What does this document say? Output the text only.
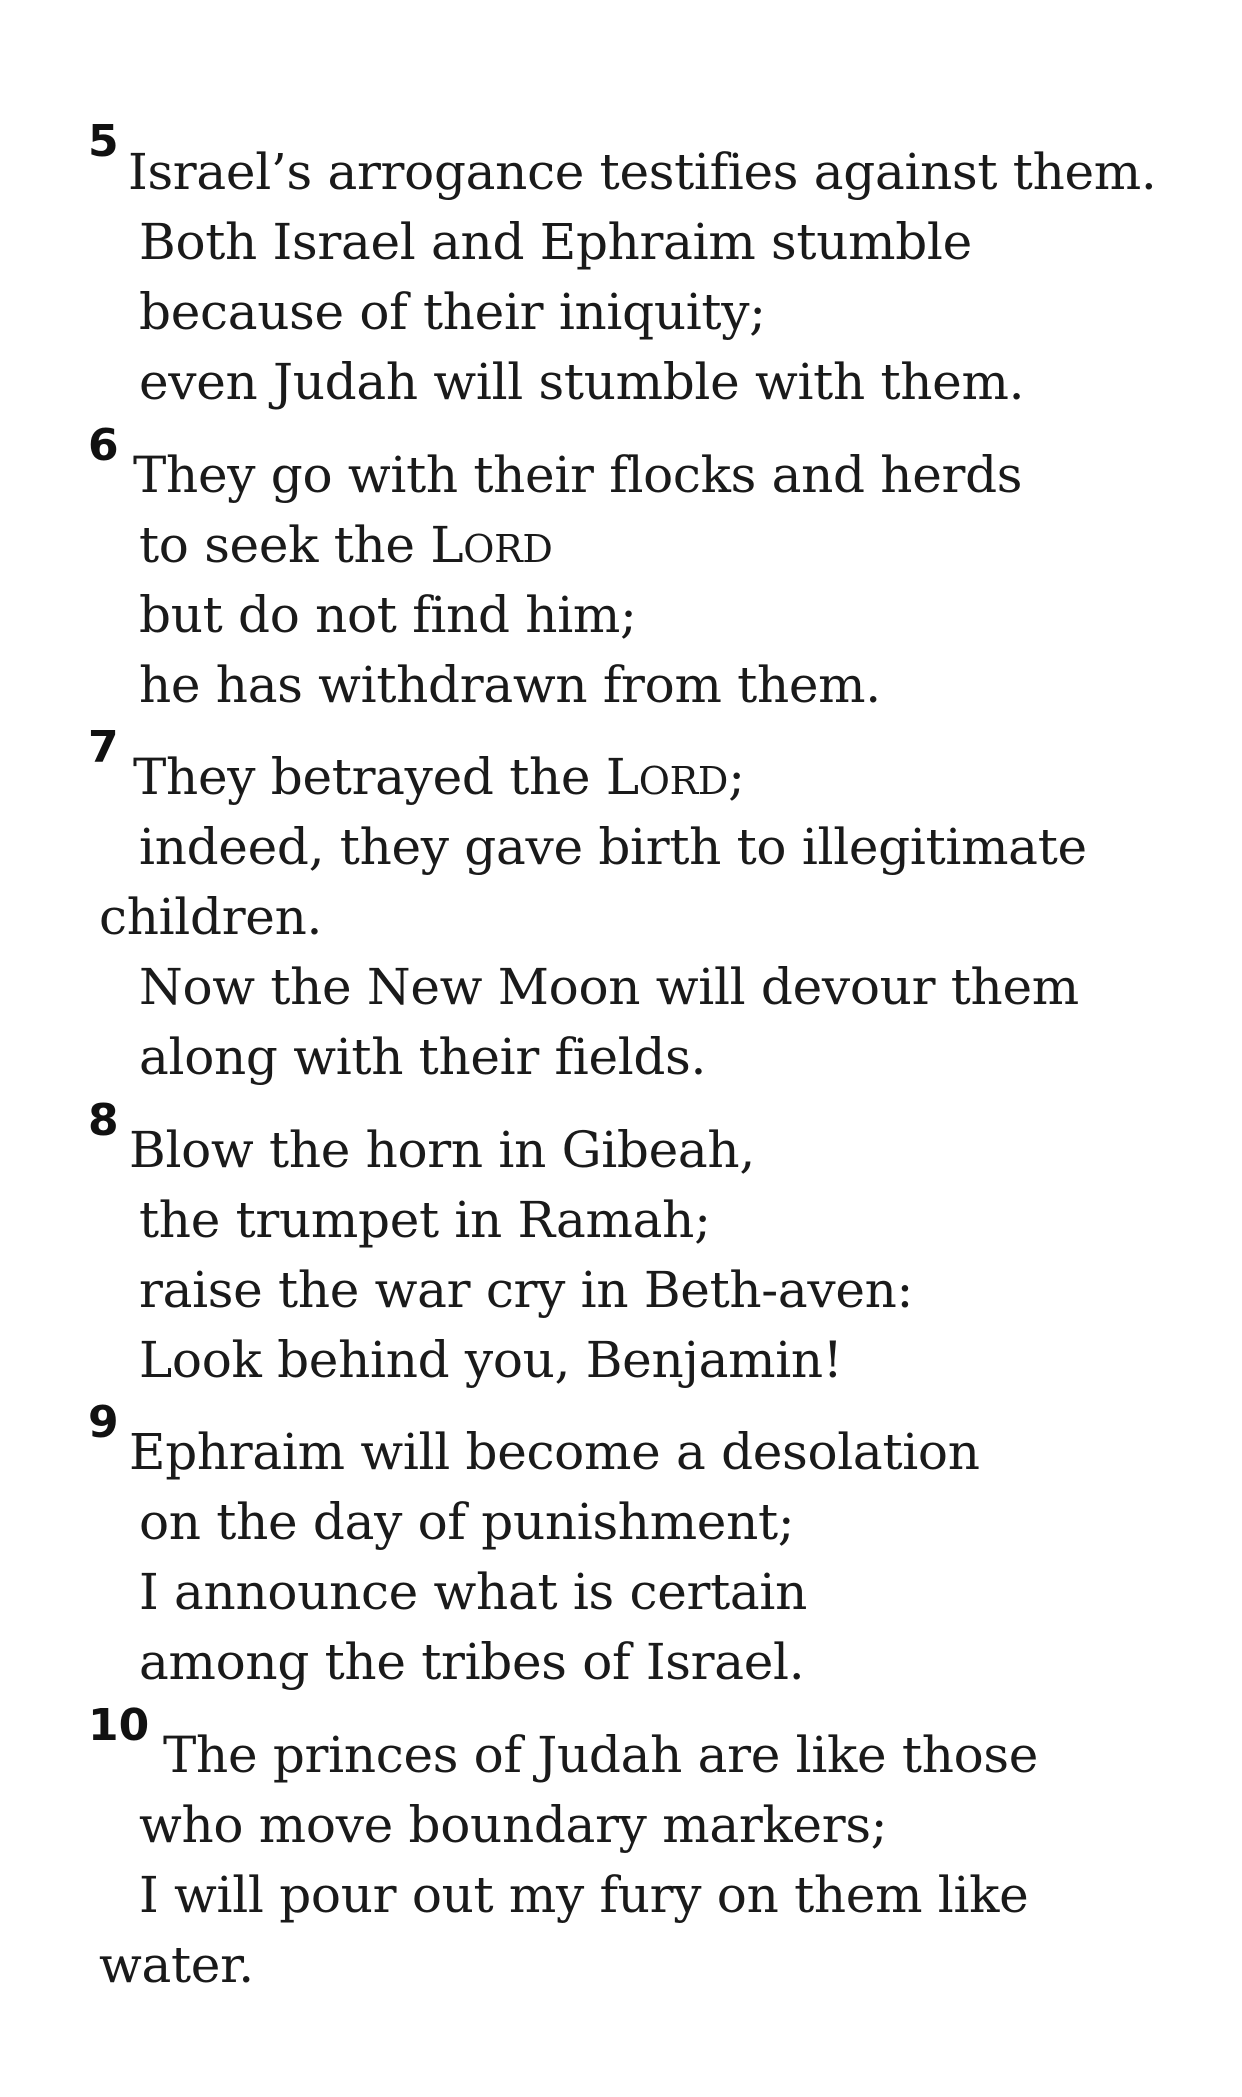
5
Israel’s arrogance testifies against them.
Both Israel and Ephraim stumble
because of their iniquity;
even Judah will stumble with them.
6
They go with their flocks and herds
to seek the LORD
but do not find him;
he has withdrawn from them.
7
They betrayed the LORD;
indeed, they gave birth to illegitimate
children.
Now the New Moon will devour them
along with their fields.
8
Blow the horn in Gibeah,
the trumpet in Ramah;
raise the war cry in Beth-aven:
Look behind you, Benjamin!
9
Ephraim will become a desolation
on the day of punishment;
I announce what is certain
among the tribes of Israel.
10
The princes of Judah are like those
who move boundary markers;
I will pour out my fury on them like
water.
